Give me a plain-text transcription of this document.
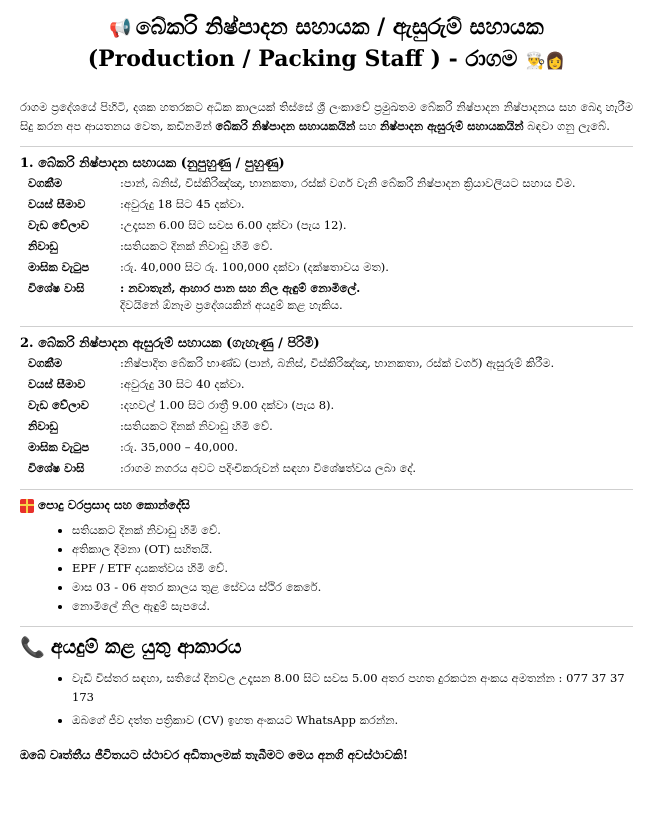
📢 බේකරි නිෂ්පාදන සහායක / ඇසුරුම් සහායක
(Production / Packing Staff ) - රාගම 👨‍🍳👩
රාගම ප්‍රදේශයේ පිහිටි, දශක හතරකට අධික කාලයක් තිස්සේ ශ්‍රී ලංකාවේ ප්‍රමුඛතම බේකරි නිෂ්පාදන නිෂ්පාදනය සහ බෙදා හැරීම සිදු කරන අප ආයතනය වෙත, කඩිනමින් බේකරි නිෂ්පාදන සහායකයින් සහ නිෂ්පාදන ඇසුරුම් සහායකයින් බඳවා ගනු ලැබේ.
1. බේකරි නිෂ්පාදන සහායක (නුපුහුණු / පුහුණු)
වගකීම	:පාන්, බනිස්, විස්කිරිඤ්ඤා, භානකතා, රස්ක් වර්ග වැනි බේකරි නිෂ්පාදන ක්‍රියාවලියට සහාය වීම.
වයස් සීමාව	:අවුරුදු 18 සිට 45 දක්වා.
වැඩ වේලාව	:උදෑසන 6.00 සිට සවස 6.00 දක්වා (පැය 12).
නිවාඩු	:සතියකට දිනක් නිවාඩු හිමි වේ.
මාසික වැටුප	:රු. 40,000 සිට රු. 100,000 දක්වා (දක්ෂතාවය මත).
විශේෂ වාසි	: නවාතැන්, ආහාර පාන සහ නිල ඇඳුම් නොමිලේ.
දිවයිනේ ඕනෑම ප්‍රදේශයකින් අයදුම් කළ හැකිය.
2. බේකරි නිෂ්පාදන ඇසුරුම් සහායක (ගැහැණු / පිරිමි)
වගකීම	:නිෂ්පාදිත බේකරි භාණ්ඩ (පාන්, බනිස්, විස්කිරිඤ්ඤා, භානකතා, රස්ක් වර්ග) ඇසුරුම් කිරීම.
වයස් සීමාව	:අවුරුදු 30 සිට 40 දක්වා.
වැඩ වේලාව	:දහවල් 1.00 සිට රාත්‍රී 9.00 දක්වා (පැය 8).
නිවාඩු	:සතියකට දිනක් නිවාඩු හිමි වේ.
මාසික වැටුප	:රු. 35,000 – 40,000.
විශේෂ වාසි	:රාගම නගරය අවට පදිංචිකරුවන් සඳහා විශේෂත්වය ලබා දේ.
පොදු වරප්‍රසාද සහ කොන්දේසි
• සතියකට දිනක් නිවාඩු හිමි වේ.
• අතිකාල දීමනා (OT) සහිතයි.
• EPF / ETF දායකත්වය හිමි වේ.
• මාස 03 - 06 අතර කාලය තුළ සේවය ස්ථිර කෙරේ.
• නොමිලේ නිල ඇඳුම් සැපයේ.
📞 අයදුම් කළ යුතු ආකාරය
• වැඩි විස්තර සඳහා, සතියේ දිනවල උදෑසන 8.00 සිට සවස 5.00 අතර පහත දුරකථන අංකය අමතන්න : 077 37 37 173
• ඔබගේ ජීව දත්ත පත්‍රිකාව (CV) ඉහත අංකයට WhatsApp කරන්න.
ඔබේ වෘත්තීය ජීවිතයට ස්ථාවර අඩිතාලමක් තැබීමට මෙය අනගි අවස්ථාවකි!
